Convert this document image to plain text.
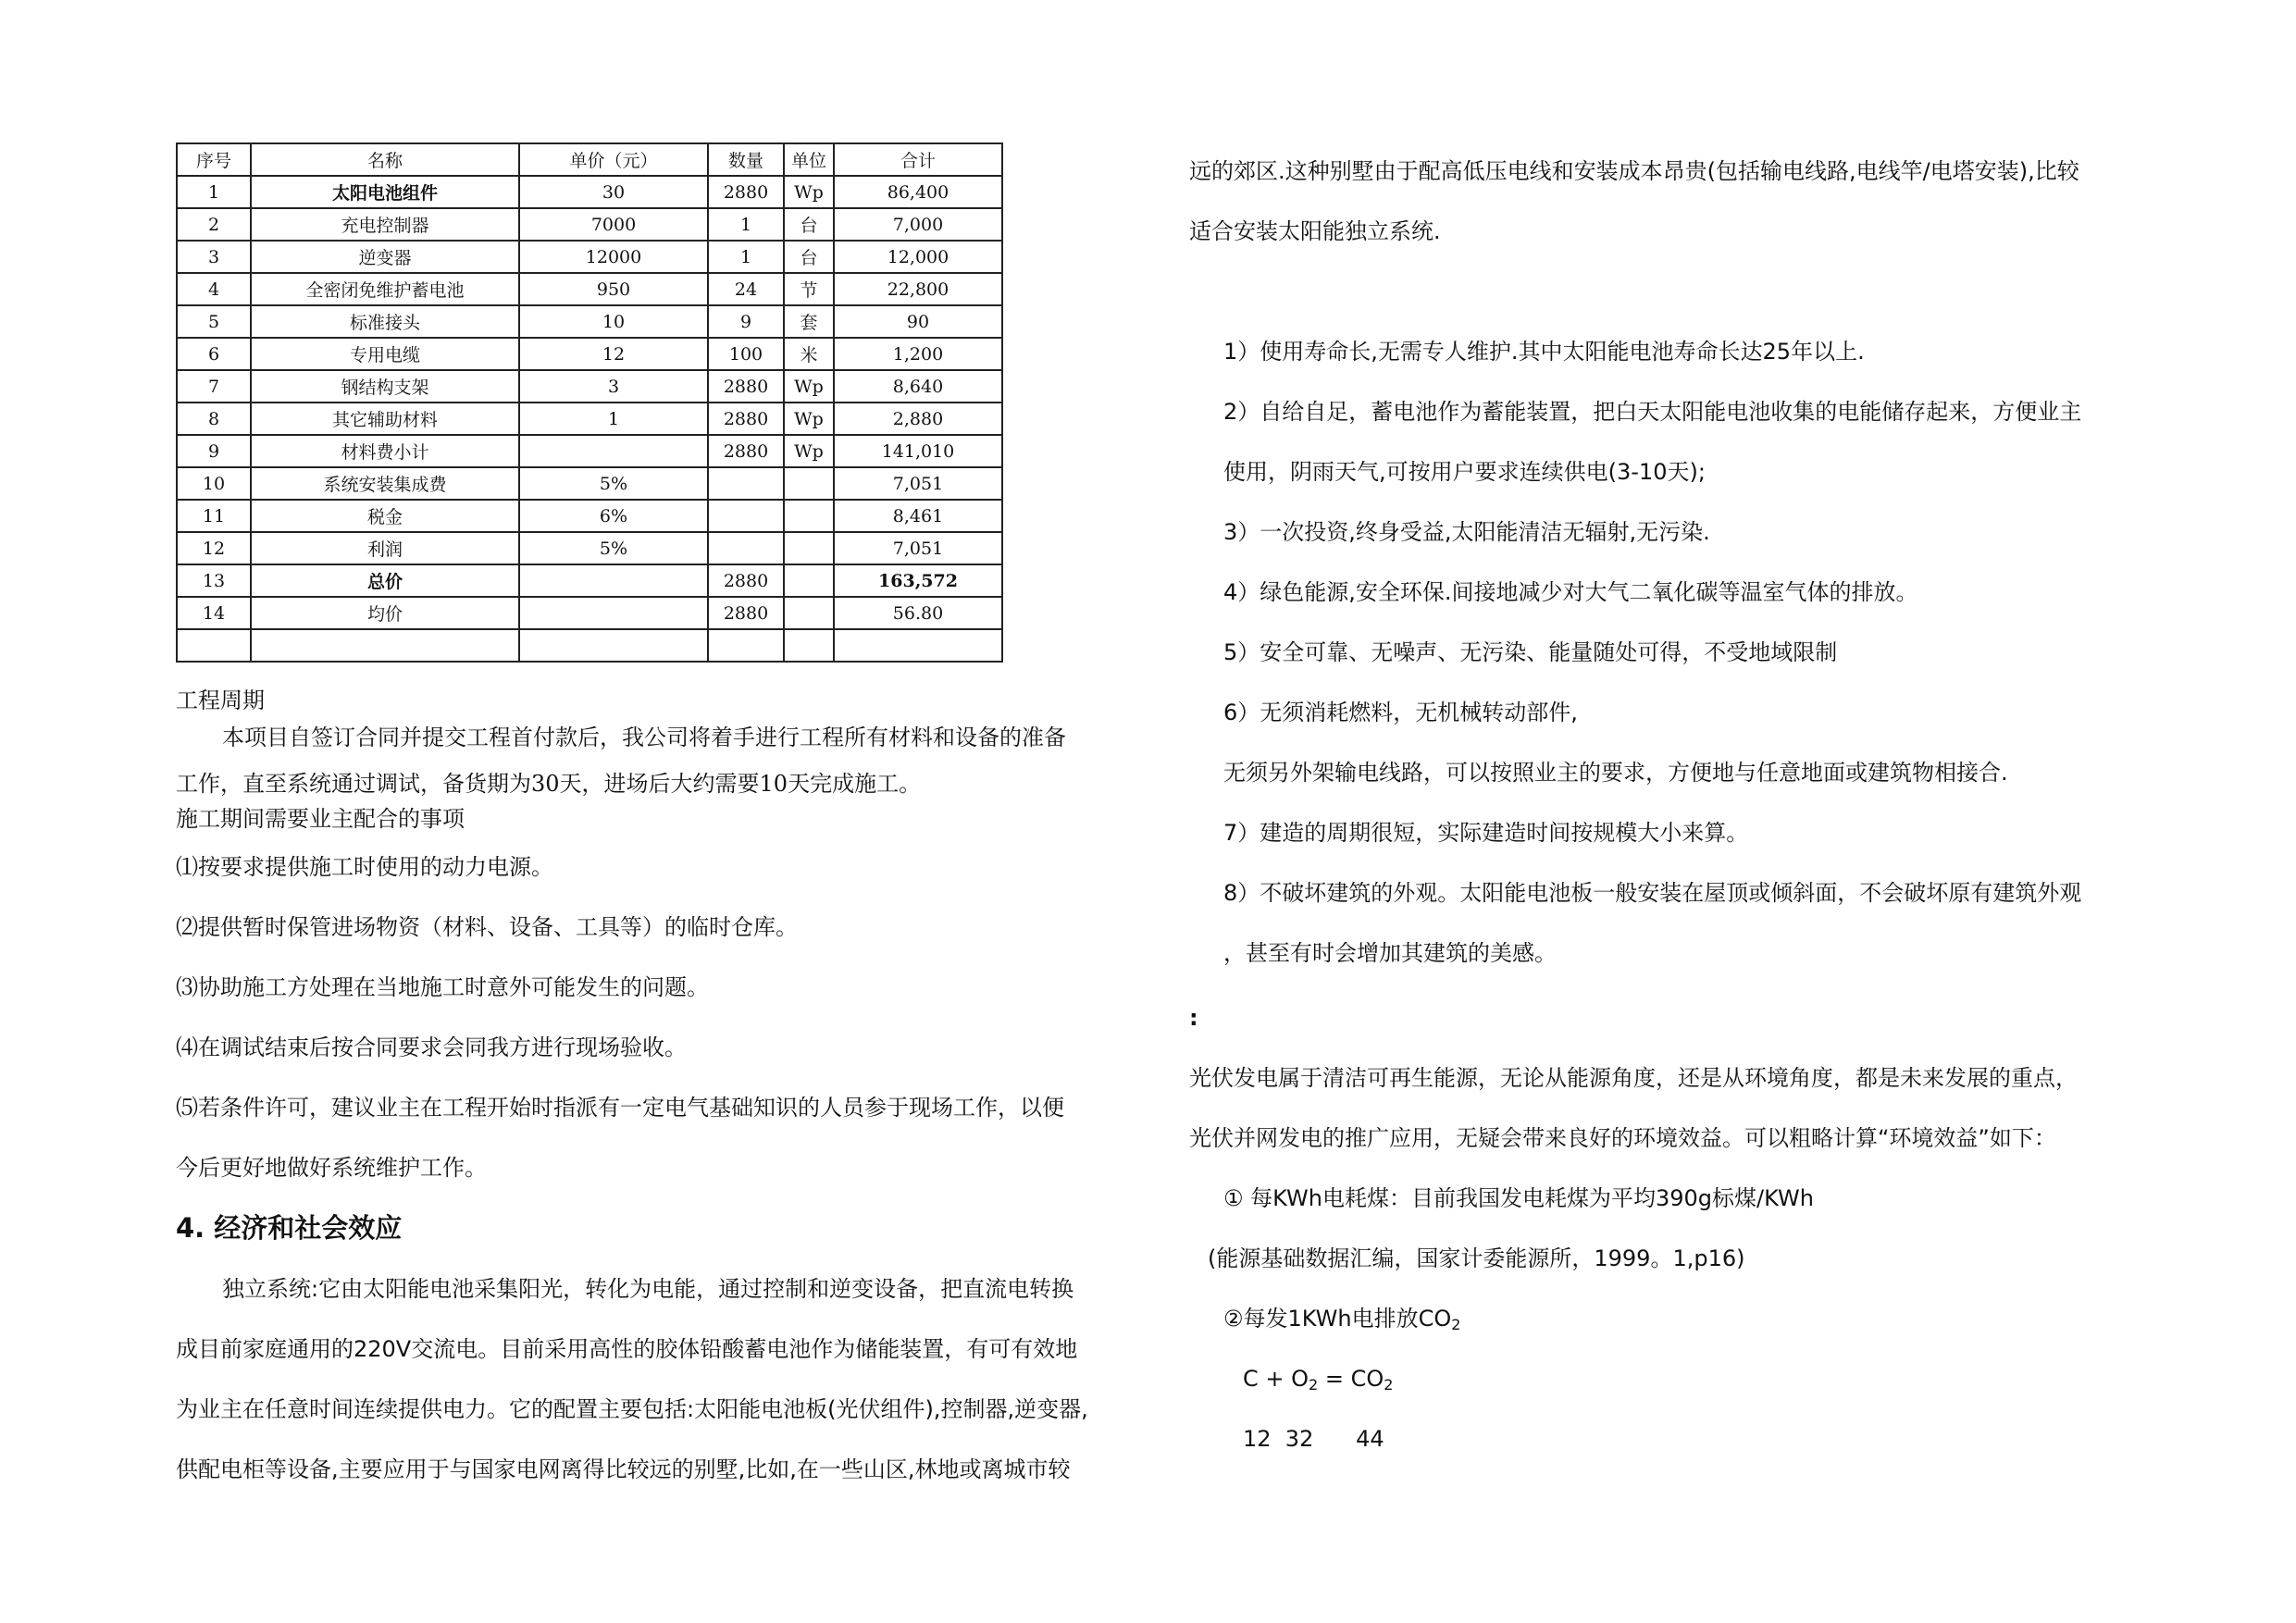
序号	名称	单价（元）	数量	单位	合计
1	太阳电池组件	30	2880	Wp	86,400
2	充电控制器	7000	1	台	7,000
3	逆变器	12000	1	台	12,000
4	全密闭免维护蓄电池	950	24	节	22,800
5	标准接头	10	9	套	90
6	专用电缆	12	100	米	1,200
7	钢结构支架	3	2880	Wp	8,640
8	其它辅助材料	1	2880	Wp	2,880
9	材料费小计		2880	Wp	141,010
10	系统安装集成费	5%			7,051
11	税金	6%			8,461
12	利润	5%			7,051
13	总价		2880		163,572
14	均价		2880		56.80

工程周期
本项目自签订合同并提交工程首付款后，我公司将着手进行工程所有材料和设备的准备
工作，直至系统通过调试，备货期为30天，进场后大约需要10天完成施工。
施工期间需要业主配合的事项
⑴按要求提供施工时使用的动力电源。
⑵提供暂时保管进场物资（材料、设备、工具等）的临时仓库。
⑶协助施工方处理在当地施工时意外可能发生的问题。
⑷在调试结束后按合同要求会同我方进行现场验收。
⑸若条件许可，建议业主在工程开始时指派有一定电气基础知识的人员参于现场工作，以便
今后更好地做好系统维护工作。
4. 经济和社会效应
独立系统:它由太阳能电池采集阳光，转化为电能，通过控制和逆变设备，把直流电转换
成目前家庭通用的220V交流电。目前采用高性的胶体铅酸蓄电池作为储能装置，有可有效地
为业主在任意时间连续提供电力。它的配置主要包括:太阳能电池板(光伏组件),控制器,逆变器,
供配电柜等设备,主要应用于与国家电网离得比较远的别墅,比如,在一些山区,林地或离城市较
远的郊区.这种别墅由于配高低压电线和安装成本昂贵(包括输电线路,电线竿/电塔安装),比较
适合安装太阳能独立系统.
1）使用寿命长,无需专人维护.其中太阳能电池寿命长达25年以上.
2）自给自足，蓄电池作为蓄能装置，把白天太阳能电池收集的电能储存起来，方便业主
使用，阴雨天气,可按用户要求连续供电(3-10天);
3）一次投资,终身受益,太阳能清洁无辐射,无污染.
4）绿色能源,安全环保.间接地减少对大气二氧化碳等温室气体的排放。
5）安全可靠、无噪声、无污染、能量随处可得，不受地域限制
6）无须消耗燃料，无机械转动部件,
无须另外架输电线路，可以按照业主的要求，方便地与任意地面或建筑物相接合.
7）建造的周期很短，实际建造时间按规模大小来算。
8）不破坏建筑的外观。太阳能电池板一般安装在屋顶或倾斜面，不会破坏原有建筑外观
，甚至有时会增加其建筑的美感。
:
光伏发电属于清洁可再生能源，无论从能源角度，还是从环境角度，都是未来发展的重点，
光伏并网发电的推广应用，无疑会带来良好的环境效益。可以粗略计算“环境效益”如下：
① 每KWh电耗煤：目前我国发电耗煤为平均390g标煤/KWh
(能源基础数据汇编，国家计委能源所，1999。1,p16)
②每发1KWh电排放$CO_2$
$C + O_2 = CO_2$
12  32      44
